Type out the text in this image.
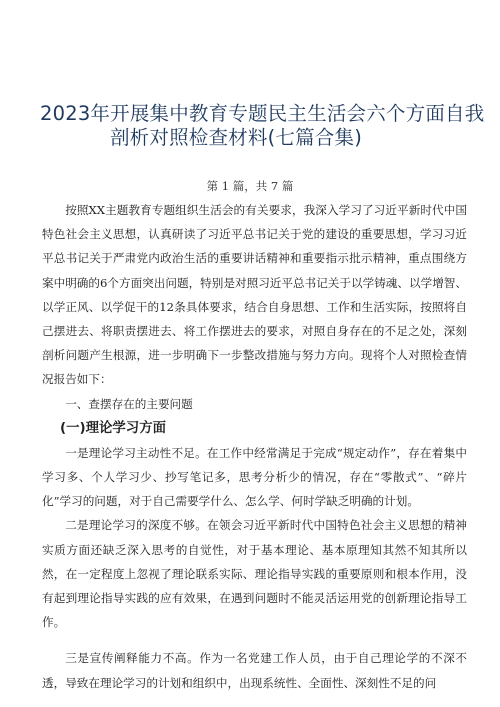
2023年开展集中教育专题民主生活会六个方面自我
剖析对照检查材料(七篇合集)
第 1 篇，共 7 篇

按照XX主题教育专题组织生活会的有关要求，我深入学习了习近平新时代中国特色社会主义思想，认真研读了习近平总书记关于党的建设的重要思想，学习习近平总书记关于严肃党内政治生活的重要讲话精神和重要指示批示精神，重点围绕方案中明确的6个方面突出问题，特别是对照习近平总书记关于以学铸魂、以学增智、以学正风、以学促干的12条具体要求，结合自身思想、工作和生活实际，按照将自己摆进去、将职责摆进去、将工作摆进去的要求，对照自身存在的不足之处，深刻剖析问题产生根源，进一步明确下一步整改措施与努力方向。现将个人对照检查情况报告如下：

一、查摆存在的主要问题

(一)理论学习方面

一是理论学习主动性不足。在工作中经常满足于完成“规定动作”，存在着集中学习多、个人学习少、抄写笔记多，思考分析少的情况，存在“零散式”、“碎片化”学习的问题，对于自己需要学什么、怎么学、何时学缺乏明确的计划。

二是理论学习的深度不够。在领会习近平新时代中国特色社会主义思想的精神实质方面还缺乏深入思考的自觉性，对于基本理论、基本原理知其然不知其所以然，在一定程度上忽视了理论联系实际、理论指导实践的重要原则和根本作用，没有起到理论指导实践的应有效果，在遇到问题时不能灵活运用党的创新理论指导工作。

三是宣传阐释能力不高。作为一名党建工作人员，由于自己理论学的不深不透，导致在理论学习的计划和组织中，出现系统性、全面性、深刻性不足的问
